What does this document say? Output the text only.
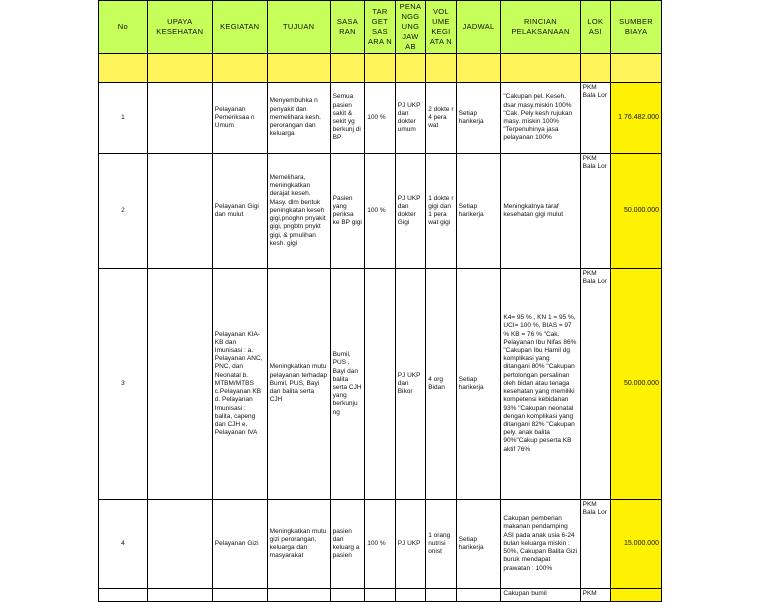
No	UPAYA KESEHATAN	KEGIATAN	TUJUAN	SASA RAN	TAR GET SAS ARA N	PENA NGG UNG JAW AB	VOL UME KEGI ATA N	JADWAL	RINCIAN PELAKSANAAN	LOK ASI	SUMBER BIAYA

1		Pelayanan Pemeriksaa n Umum	Menyembuhka n penyakit dan memelihara kesh. perorangan dan keluarga	Semua pasien sakit & sekit yg berkunj di BP	100 %	PJ UKP dan dokter umum	2 dokte r 4 pera wat	Setiap harikerja	"Cakupan pel. Keseh. dsar masy.miskin 100% "Cak. Pely kesh rujukan masy. miskin 100% "Terpenuhinya jasa pelayanan 100%	PKM Bala Lor	1 76.482.000
2		Pelayanan Gigi dan mulut	Memelihara, meningkatkan derajat keseh. Masy. dlm bentuk peningkatan keseh gigi,pnoghn pnyakit gigi, pngbtn pnykt gigi, & pmulihan kesh. gigi	Pasien yang periksa ke BP gigi	100 %	PJ UKP dan dokter Gigi	1 dokte r gigi dan 1 pera wat gigi	Setiap harikerja	Meningkatnya taraf kesehatan gigi mulut	PKM Bala Lor	50.000.000
3		Pelayanan KIA-KB dan Imunisasi : a. Pelayanan ANC, PNC, dan Neonatal b. MTBM/MTBS c.Pelayanan KB d. Pelayanan Imunisasi : balita, capeng dan CJH e. Pelayanan IVA	Meningkatkan mutu pelayanan terhadap Bumil, PUS, Bayi dan balita serta CJH	Bumil, PUS , Bayi dan balita serta CJH yang berkunju ng		PJ UKP dan Bikor	4 org Bidan	Setiap harikerja	K4= 95 % , KN 1 = 95 %, UCI= 100 %, BIAS = 97 % KB = 76 % "Cak. Pelayanan Ibu Nifas 86% "Cakupan Ibu Hamil dg komplikasi yang ditangani 80% "Cakupan pertolongan persalinan oleh bidan atau tenaga kesehatan yang memiliki kompetensi kebidanan 93% "Cakupan neonatal dengan komplikasi yang ditangani 82% "Cakupan pely. anak balita 90%"Cakup peserta KB aktif 76%	PKM Bala Lor	50.000.000
4		Pelayanan Gizi	Meningkatkan mutu gizi perorangan, keluarga dan masyarakat	pasien dan keluarg a pasien	100 %	PJ UKP	1 orang nutrisi onist	Setiap harikerja	Cakupan pemberian makanan pendamping ASI pada anak usia 6-24 bulan keluarga miskin : 50%, Cakupan Balita Gizi buruk mendapat prawatan : 100%	PKM Bala Lor	15.000.000
									Cakupan bumil	PKM	
